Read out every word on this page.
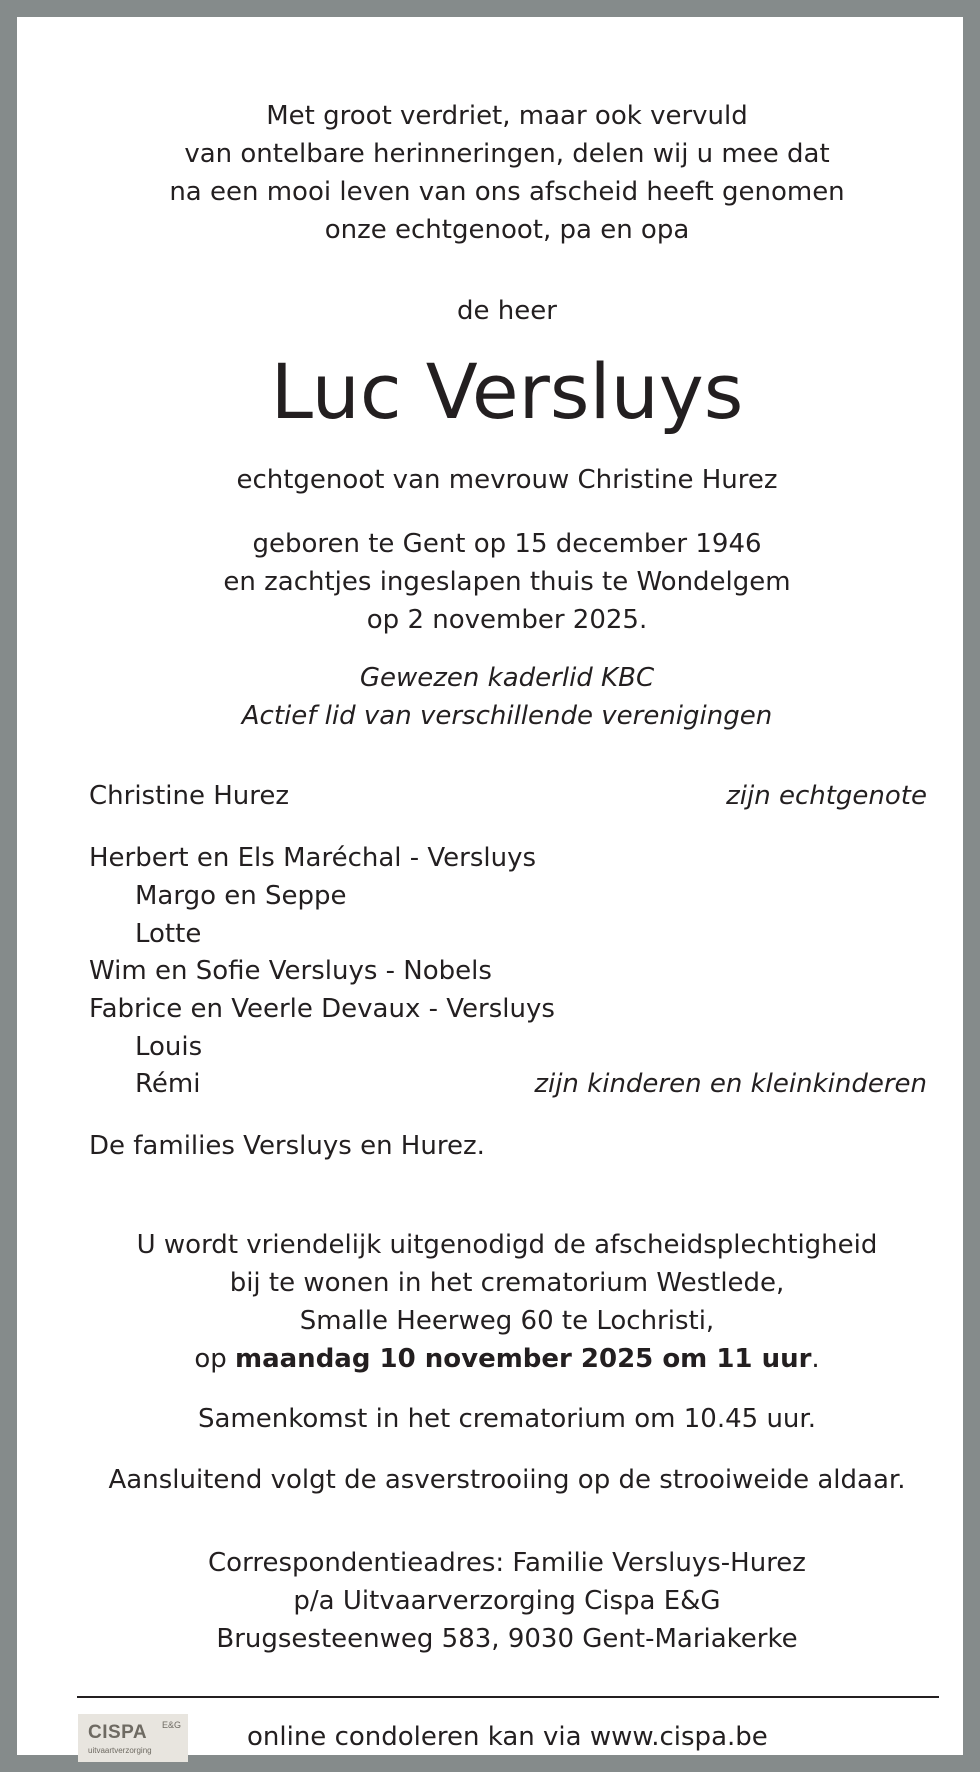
Met groot verdriet, maar ook vervuld
van ontelbare herinneringen, delen wij u mee dat
na een mooi leven van ons afscheid heeft genomen
onze echtgenoot, pa en opa
de heer
Luc Versluys
echtgenoot van mevrouw Christine Hurez
geboren te Gent op 15 december 1946
en zachtjes ingeslapen thuis te Wondelgem
op 2 november 2025.
Gewezen kaderlid KBC
Actief lid van verschillende verenigingen
Christine Hurez	zijn echtgenote
Herbert en Els Maréchal - Versluys
Margo en Seppe
Lotte
Wim en Sofie Versluys - Nobels
Fabrice en Veerle Devaux - Versluys
Louis
Rémi	zijn kinderen en kleinkinderen
De families Versluys en Hurez.
U wordt vriendelijk uitgenodigd de afscheidsplechtigheid
bij te wonen in het crematorium Westlede,
Smalle Heerweg 60 te Lochristi,
op maandag 10 november 2025 om 11 uur.
Samenkomst in het crematorium om 10.45 uur.
Aansluitend volgt de asverstrooiing op de strooiweide aldaar.
Correspondentieadres: Familie Versluys-Hurez
p/a Uitvaarverzorging Cispa E&G
Brugsesteenweg 583, 9030 Gent-Mariakerke
CISPA E&G
uitvaartverzorging	online condoleren kan via www.cispa.be
